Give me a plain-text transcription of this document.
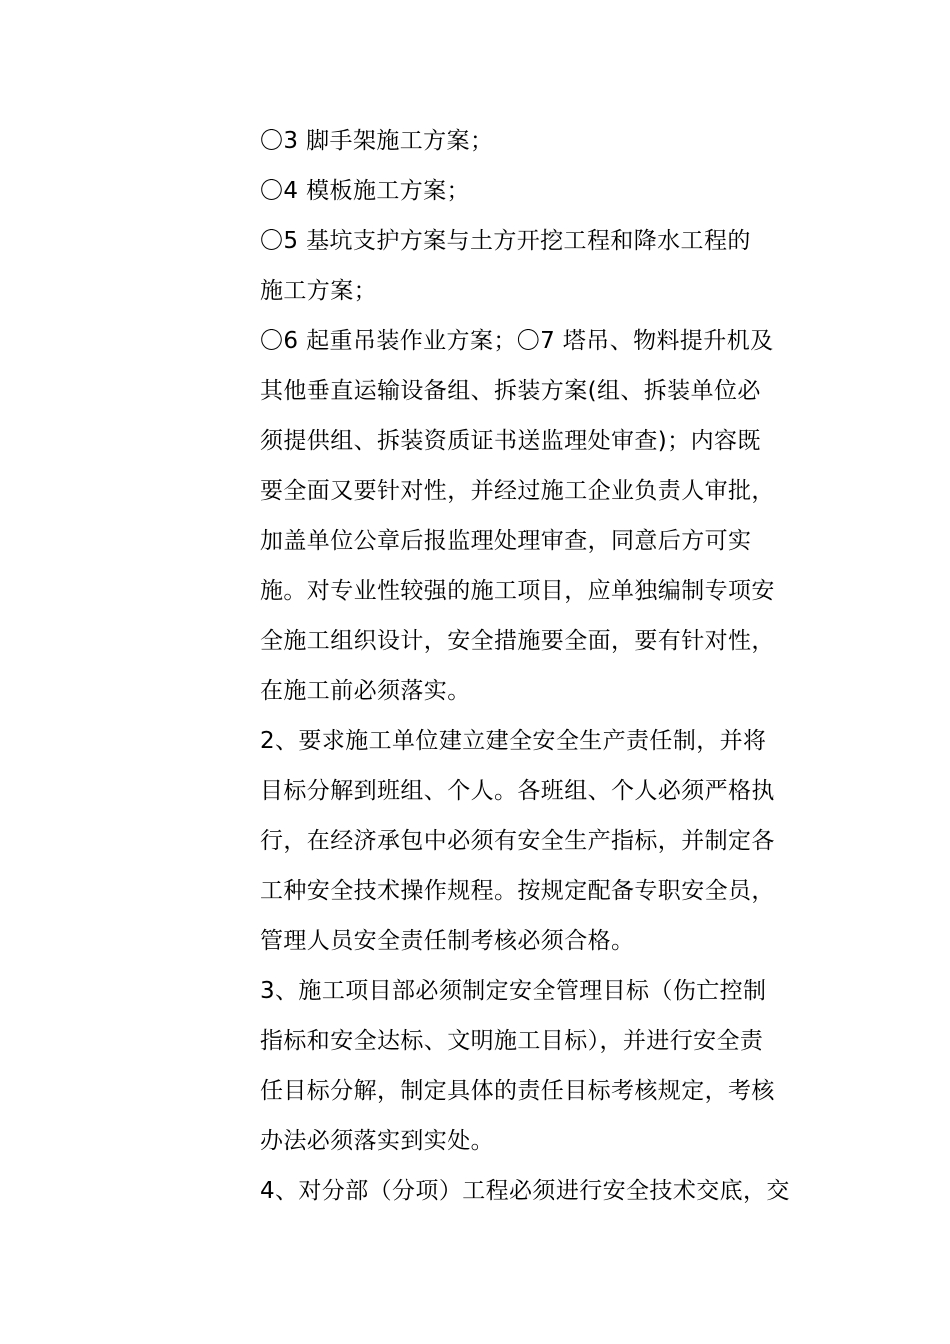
〇3 脚手架施工方案；
〇4 模板施工方案；
〇5 基坑支护方案与土方开挖工程和降水工程的
施工方案；
〇6 起重吊装作业方案；〇7 塔吊、物料提升机及
其他垂直运输设备组、拆装方案(组、拆装单位必
须提供组、拆装资质证书送监理处审查)；内容既
要全面又要针对性，并经过施工企业负责人审批，
加盖单位公章后报监理处理审查，同意后方可实
施。对专业性较强的施工项目，应单独编制专项安
全施工组织设计，安全措施要全面，要有针对性，
在施工前必须落实。
2、要求施工单位建立建全安全生产责任制，并将
目标分解到班组、个人。各班组、个人必须严格执
行，在经济承包中必须有安全生产指标，并制定各
工种安全技术操作规程。按规定配备专职安全员，
管理人员安全责任制考核必须合格。
3、施工项目部必须制定安全管理目标（伤亡控制
指标和安全达标、文明施工目标），并进行安全责
任目标分解，制定具体的责任目标考核规定，考核
办法必须落实到实处。
4、对分部（分项）工程必须进行安全技术交底，交
